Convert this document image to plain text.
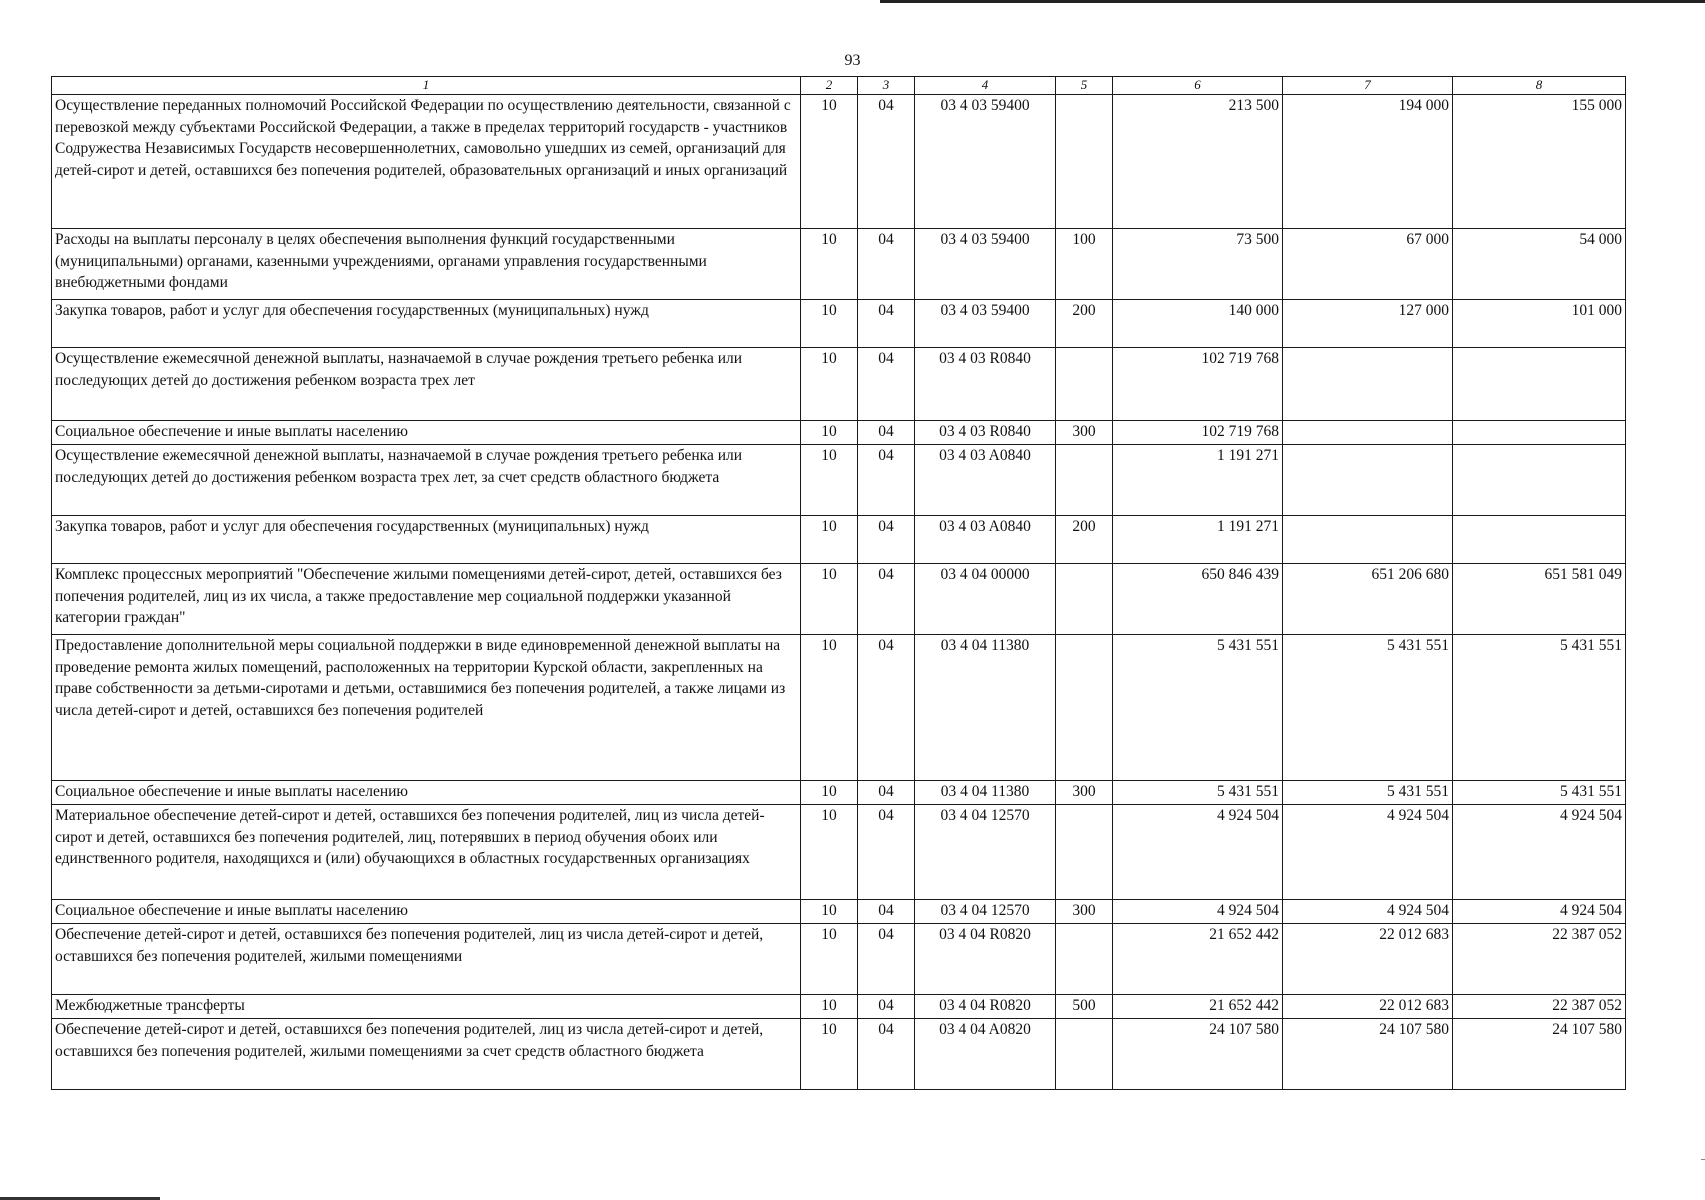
93
1	2	3	4	5	6	7	8
Осуществление переданных полномочий Российской Федерации по осуществлению деятельности, связанной с перевозкой между субъектами Российской Федерации, а также в пределах территорий государств - участников Содружества Независимых Государств несовершеннолетних, самовольно ушедших из семей, организаций для детей-сирот и детей, оставшихся без попечения родителей, образовательных организаций и иных организаций	10	04	03 4 03 59400		213 500	194 000	155 000
Расходы на выплаты персоналу в целях обеспечения выполнения функций государственными (муниципальными) органами, казенными учреждениями, органами управления государственными внебюджетными фондами	10	04	03 4 03 59400	100	73 500	67 000	54 000
Закупка товаров, работ и услуг для обеспечения государственных (муниципальных) нужд	10	04	03 4 03 59400	200	140 000	127 000	101 000
Осуществление ежемесячной денежной выплаты, назначаемой в случае рождения третьего ребенка или последующих детей до достижения ребенком возраста трех лет	10	04	03 4 03 R0840		102 719 768		
Социальное обеспечение и иные выплаты населению	10	04	03 4 03 R0840	300	102 719 768		
Осуществление ежемесячной денежной выплаты, назначаемой в случае рождения третьего ребенка или последующих детей до достижения ребенком возраста трех лет, за счет средств областного бюджета	10	04	03 4 03 A0840		1 191 271		
Закупка товаров, работ и услуг для обеспечения государственных (муниципальных) нужд	10	04	03 4 03 A0840	200	1 191 271		
Комплекс процессных мероприятий "Обеспечение жилыми помещениями детей-сирот, детей, оставшихся без попечения родителей, лиц из их числа, а также предоставление мер социальной поддержки указанной категории граждан"	10	04	03 4 04 00000		650 846 439	651 206 680	651 581 049
Предоставление дополнительной меры социальной поддержки в виде единовременной денежной выплаты на проведение ремонта жилых помещений, расположенных на территории Курской области, закрепленных на праве собственности за детьми-сиротами и детьми, оставшимися без попечения родителей, а также лицами из числа детей-сирот и детей, оставшихся без попечения родителей	10	04	03 4 04 11380		5 431 551	5 431 551	5 431 551
Социальное обеспечение и иные выплаты населению	10	04	03 4 04 11380	300	5 431 551	5 431 551	5 431 551
Материальное обеспечение детей-сирот и детей, оставшихся без попечения родителей, лиц из числа детей-сирот и детей, оставшихся без попечения родителей, лиц, потерявших в период обучения обоих или единственного родителя, находящихся и (или) обучающихся в областных государственных организациях	10	04	03 4 04 12570		4 924 504	4 924 504	4 924 504
Социальное обеспечение и иные выплаты населению	10	04	03 4 04 12570	300	4 924 504	4 924 504	4 924 504
Обеспечение детей-сирот и детей, оставшихся без попечения родителей, лиц из числа детей-сирот и детей, оставшихся без попечения родителей, жилыми помещениями	10	04	03 4 04 R0820		21 652 442	22 012 683	22 387 052
Межбюджетные трансферты	10	04	03 4 04 R0820	500	21 652 442	22 012 683	22 387 052
Обеспечение детей-сирот и детей, оставшихся без попечения родителей, лиц из числа детей-сирот и детей, оставшихся без попечения родителей, жилыми помещениями за счет средств областного бюджета	10	04	03 4 04 A0820		24 107 580	24 107 580	24 107 580
